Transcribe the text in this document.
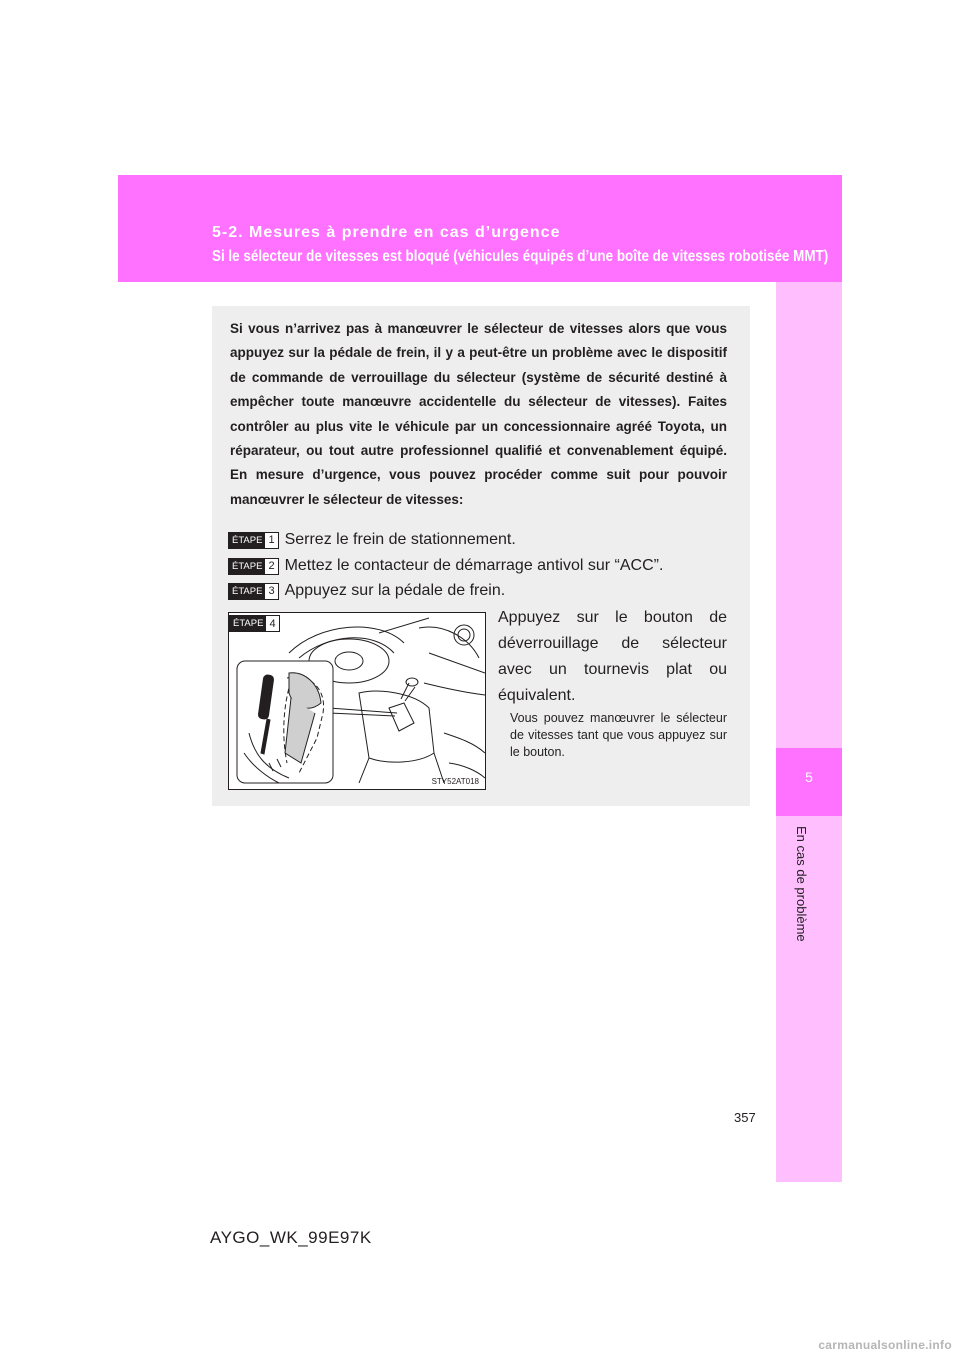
5-2. Mesures à prendre en cas d’urgence
Si le sélecteur de vitesses est bloqué (véhicules équipés d’une boîte de vitesses robotisée MMT)
5
En cas de problème

Si vous n’arrivez pas à manœuvrer le sélecteur de vitesses alors que vous appuyez sur la pédale de frein, il y a peut-être un problème avec le dispositif de commande de verrouillage du sélecteur (système de sécurité destiné à empêcher toute manœuvre accidentelle du sélecteur de vitesses). Faites contrôler au plus vite le véhicule par un concessionnaire agréé Toyota, un réparateur, ou tout autre professionnel qualifié et convenablement équipé. En mesure d’urgence, vous pouvez procéder comme suit pour pouvoir manœuvrer le sélecteur de vitesses:

ÉTAPE 1 Serrez le frein de stationnement.
ÉTAPE 2 Mettez le contacteur de démarrage antivol sur “ACC”.
ÉTAPE 3 Appuyez sur la pédale de frein.
ÉTAPE 4
STY52AT018

Appuyez sur le bouton de déverrouillage de sélecteur avec un tournevis plat ou équivalent.

Vous pouvez manœuvrer le sélecteur de vitesses tant que vous appuyez sur le bouton.

357
AYGO_WK_99E97K
carmanualsonline.info
